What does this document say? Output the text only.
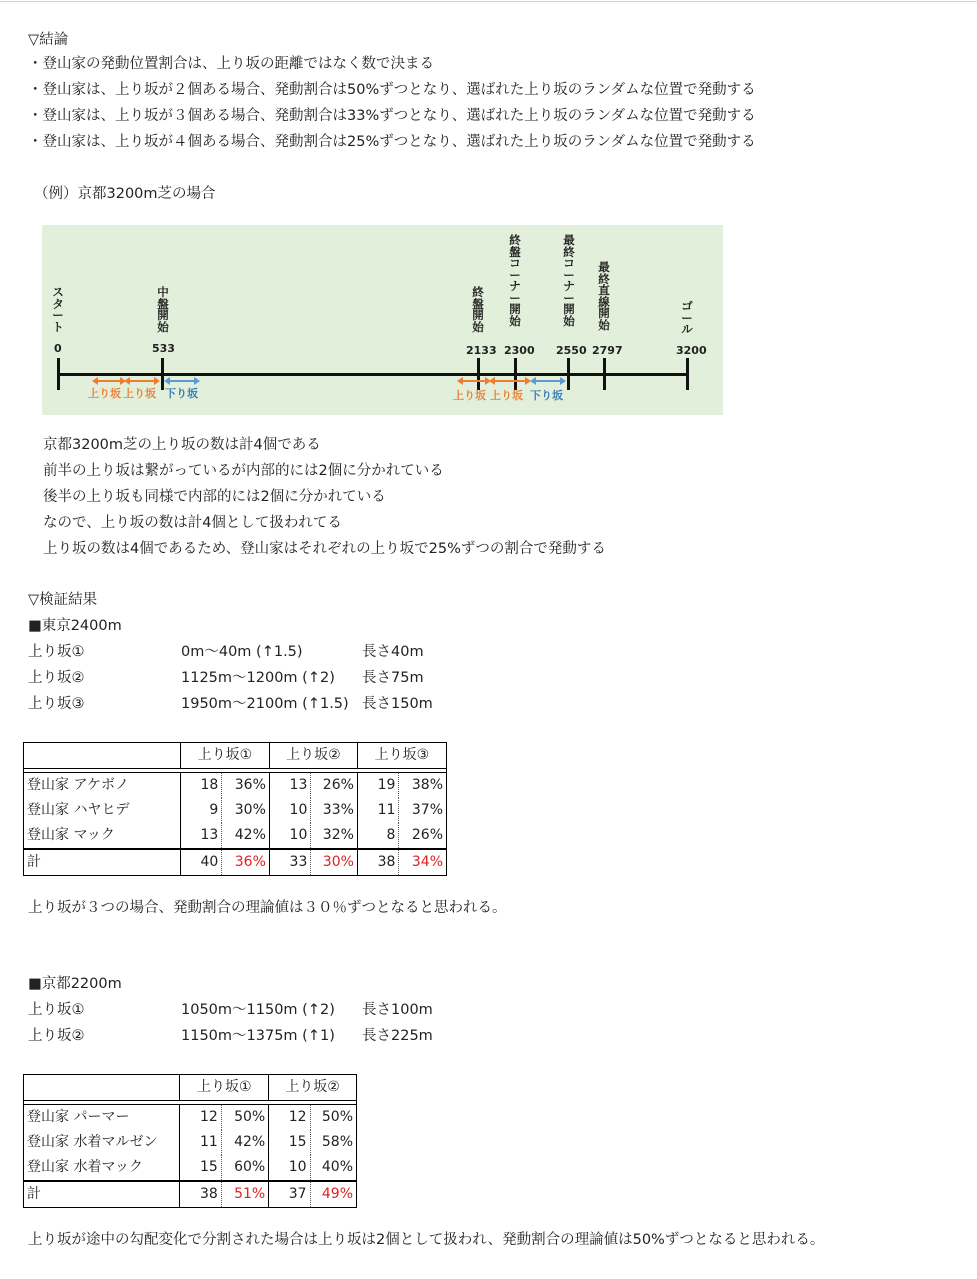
▽結論
・登山家の発動位置割合は、上り坂の距離ではなく数で決まる
・登山家は、上り坂が２個ある場合、発動割合は50%ずつとなり、選ばれた上り坂のランダムな位置で発動する
・登山家は、上り坂が３個ある場合、発動割合は33%ずつとなり、選ばれた上り坂のランダムな位置で発動する
・登山家は、上り坂が４個ある場合、発動割合は25%ずつとなり、選ばれた上り坂のランダムな位置で発動する
（例）京都3200m芝の場合
スタート
中盤開始
終盤開始
終盤コーナー開始
最終コーナー開始
最終直線開始
ゴール
0	533	2133 2300 2550 2797	3200
上り坂 上り坂 下り坂	上り坂 上り坂 下り坂
京都3200m芝の上り坂の数は計4個である
前半の上り坂は繋がっているが内部的には2個に分かれている
後半の上り坂も同様で内部的には2個に分かれている
なので、上り坂の数は計4個として扱われてる
上り坂の数は4個であるため、登山家はそれぞれの上り坂で25%ずつの割合で発動する
▽検証結果
■東京2400m
上り坂①	0m～40m (↑1.5)	長さ40m
上り坂②	1125m～1200m (↑2) 長さ75m
上り坂③	1950m～2100m (↑1.5) 長さ150m
	上り坂①		上り坂②		上り坂③	

登山家 アケボノ	18	36%	13	26%	19	38%
登山家 ハヤヒデ	9	30%	10	33%	11	37%
登山家 マック	13	42%	10	32%	8	26%
計	40	36%	33	30%	38	34%
上り坂が３つの場合、発動割合の理論値は３０％ずつとなると思われる。
■京都2200m
上り坂①	1050m～1150m (↑2) 長さ100m
上り坂②	1150m～1375m (↑1) 長さ225m
	上り坂①		上り坂②	

登山家 パーマー	12	50%	12	50%
登山家 水着マルゼン	11	42%	15	58%
登山家 水着マック	15	60%	10	40%
計	38	51%	37	49%
上り坂が途中の勾配変化で分割された場合は上り坂は2個として扱われ、発動割合の理論値は50%ずつとなると思われる。
